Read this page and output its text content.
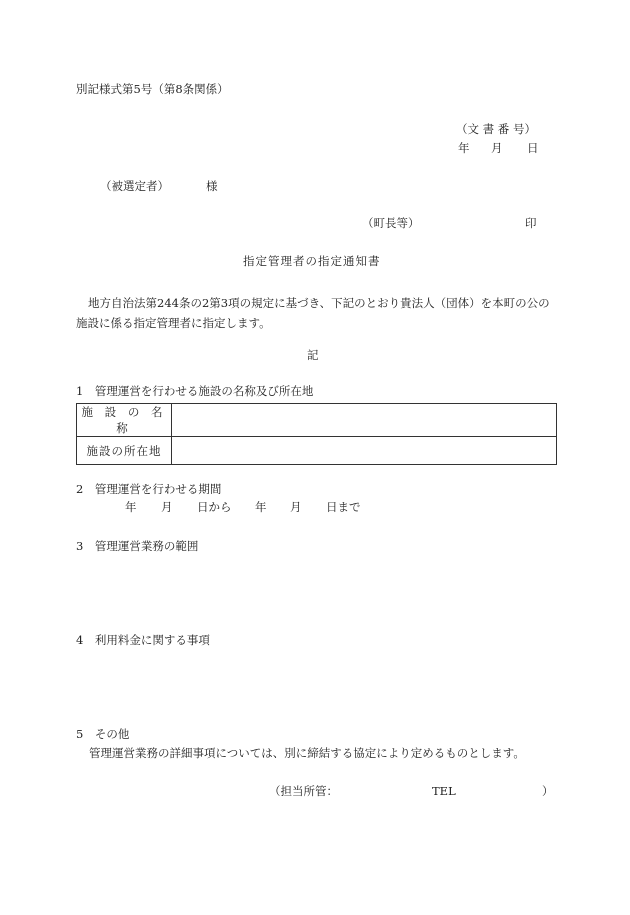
別記様式第5号（第8条関係）
（文 書 番 号）
年 月 日
（被選定者）	様
（町長等）	印
指定管理者の指定通知書
地方自治法第244条の2第3項の規定に基づき、下記のとおり貴法人（団体）を本町の公の施設に係る指定管理者に指定します。
記
1　管理運営を行わせる施設の名称及び所在地
施 設 の 名 称	
施設の所在地	
2　管理運営を行わせる期間
年 月 日から 年 月 日まで
3　管理運営業務の範囲
4　利用料金に関する事項
5　その他
管理運営業務の詳細事項については、別に締結する協定により定めるものとします。
（担当所管：	TEL	）
